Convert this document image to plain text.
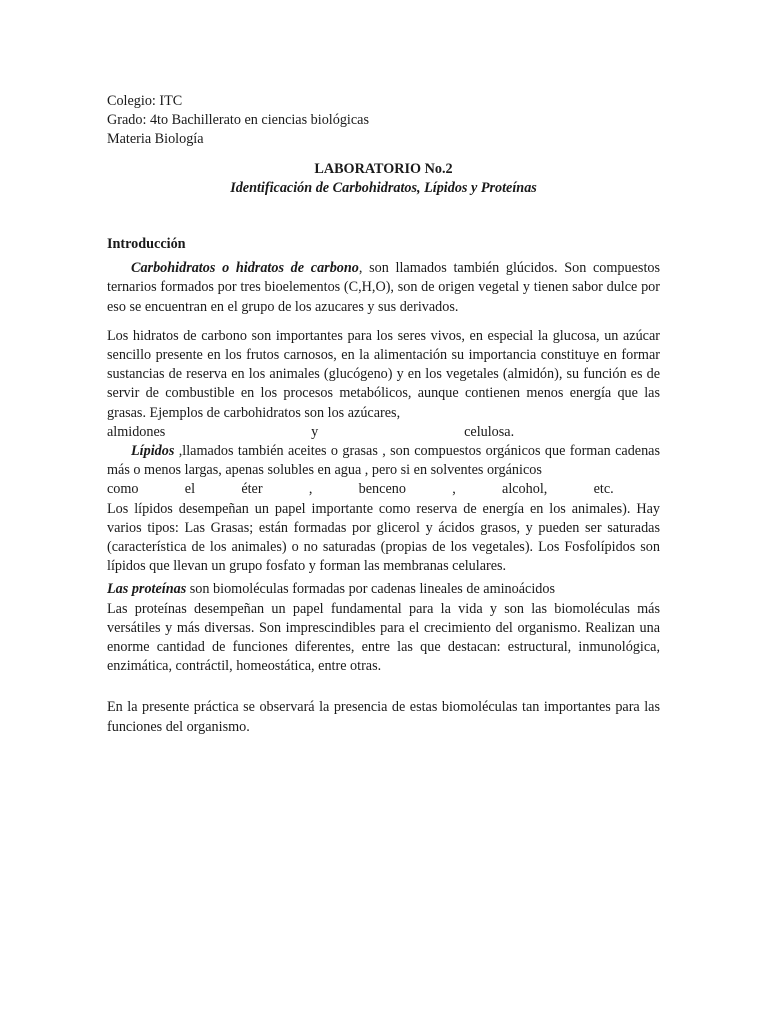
Colegio: ITC

Grado: 4to Bachillerato en ciencias biológicas

Materia Biología

LABORATORIO No.2

Identificación de Carbohidratos, Lípidos y Proteínas

Introducción

Carbohidratos o hidratos de carbono, son llamados también glúcidos. Son compuestos ternarios formados por tres bioelementos (C,H,O), son de origen vegetal y tienen sabor dulce por eso se encuentran en el grupo de los azucares y sus derivados.

Los hidratos de carbono son importantes para los seres vivos, en especial la glucosa, un azúcar sencillo presente en los frutos carnosos, en la alimentación su importancia constituye en formar sustancias de reserva en los animales (glucógeno) y en los vegetales (almidón), su función es de servir de combustible en los procesos metabólicos, aunque contienen menos energía que las grasas. Ejemplos de carbohidratos son los azúcares,

almidones	y	celulosa.

Lípidos ,llamados también aceites o grasas , son compuestos orgánicos que forman cadenas más o menos largas, apenas solubles en agua , pero si en solventes orgánicos

como	el	éter	,	benceno	,	alcohol,	etc.

Los lípidos desempeñan un papel importante como reserva de energía en los animales). Hay varios tipos: Las Grasas; están formadas por glicerol y ácidos grasos, y pueden ser saturadas (característica de los animales) o no saturadas (propias de los vegetales). Los Fosfolípidos son lípidos que llevan un grupo fosfato y forman las membranas celulares.

Las proteínas son biomoléculas formadas por cadenas lineales de aminoácidos

Las proteínas desempeñan un papel fundamental para la vida y son las biomoléculas más versátiles y más diversas. Son imprescindibles para el crecimiento del organismo. Realizan una enorme cantidad de funciones diferentes, entre las que destacan: estructural, inmunológica, enzimática, contráctil, homeostática, entre otras.

En la presente práctica se observará la presencia de estas biomoléculas tan importantes para las funciones del organismo.
